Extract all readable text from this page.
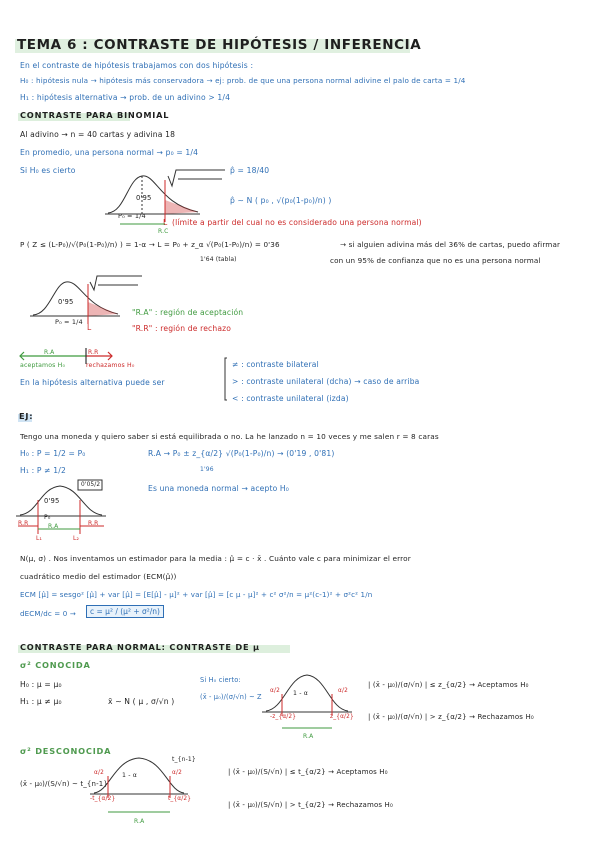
TEMA 6 : CONTRASTE DE HIPÓTESIS / INFERENCIA
En el contraste de hipótesis trabajamos con dos hipótesis :
H₀ : hipótesis nula → hipótesis más conservadora → ej: prob. de que una persona normal adivine el palo de carta = 1/4
H₁ : hipótesis alternativa → prob. de un adivino > 1/4
CONTRASTE PARA BINOMIAL
Al adivino → n = 40 cartas y adivina 18
En promedio, una persona normal → p₀ = 1/4
Si H₀ es cierto	p̂ = 18/40
p̂ ~ N ( p₀ , √(p₀(1-p₀)/n) )
0'95
P₀ = 1/4
L
R.C
(límite a partir del cual no es considerado una persona normal)
P ( Z ≤ (L-P₀)/√(P₀(1-P₀)/n) ) = 1-α → L = P₀ + z_α √(P₀(1-P₀)/n) = 0'36	→ si alguien adivina más del 36% de cartas, puedo afirmar
1'64 (tabla)	con un 95% de confianza que no es una persona normal
0'95
P₀ = 1/4
L
"R.A" : región de aceptación
"R.R" : región de rechazo
R.A	R.R
aceptamos H₀	rechazamos H₀
En la hipótesis alternativa puede ser
≠ : contraste bilateral
> : contraste unilateral (dcha) → caso de arriba
< : contraste unilateral (izda)
EJ:
Tengo una moneda y quiero saber si está equilibrada o no. La he lanzado n = 10 veces y me salen r = 8 caras
H₀ : P = 1/2 = P₀
H₁ : P ≠ 1/2
R.A → P₀ ± z_{α/2} √(P₀(1-P₀)/n) → (0'19 , 0'81)
1'96
Es una moneda normal → acepto H₀
0'95
0'05/2
P₀
R.R	R.R
R.A
L₁	L₂
N(μ, σ) . Nos inventamos un estimador para la media : μ̂ = c · x̄ . Cuánto vale c para minimizar el error
cuadrático medio del estimador (ECM(μ̂))
ECM [μ̂] = sesgo² [μ̂] + var [μ̂] = [E[μ̂] - μ]² + var [μ̂] = [c μ - μ]² + c² σ²/n = μ²(c-1)² + σ²c² 1/n
dECM/dc = 0 →	c = μ² / (μ² + σ²/n)
CONTRASTE PARA NORMAL: CONTRASTE DE μ
σ² CONOCIDA
H₀ : μ = μ₀
H₁ : μ ≠ μ₀	x̄ ~ N ( μ , σ/√n )
Si H₀ cierto:
(x̄ - μ₀)/(σ/√n) ~ Z	1 - α
α/2	α/2
-z_{α/2}	z_{α/2}
R.A
| (x̄ - μ₀)/(σ/√n) | ≤ z_{α/2} → Aceptamos H₀
| (x̄ - μ₀)/(σ/√n) | > z_{α/2} → Rechazamos H₀
σ² DESCONOCIDA
(x̄ - μ₀)/(S/√n) ~ t_{n-1}
t_{n-1}
1 - α
α/2	α/2
-t_{α/2}	t_{α/2}
R.A
| (x̄ - μ₀)/(S/√n) | ≤ t_{α/2} → Aceptamos H₀
| (x̄ - μ₀)/(S/√n) | > t_{α/2} → Rechazamos H₀
